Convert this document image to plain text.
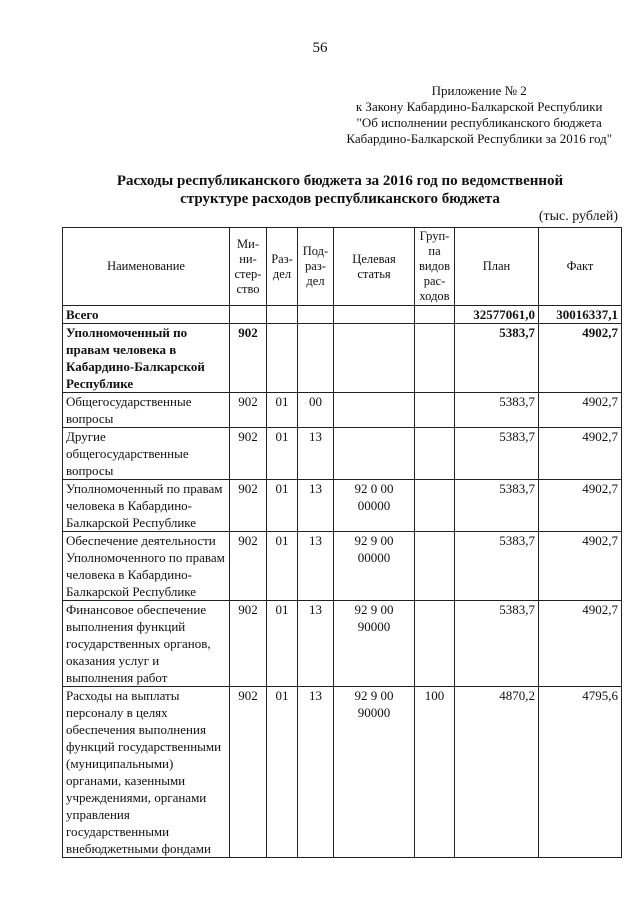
56
Приложение № 2
к Закону Кабардино-Балкарской Республики
"Об исполнении республиканского бюджета
Кабардино-Балкарской Республики за 2016 год"
Расходы республиканского бюджета за 2016 год по ведомственной
структуре расходов республиканского бюджета
(тыс. рублей)
Наименование	Ми-ни-стер-ство	Раз-дел	Под-раз-дел	Целевая статья	Груп-па видов рас-ходов	План	Факт
Всего						32577061,0	30016337,1
Уполномоченный по правам человека в Кабардино-Балкарской Республике	902					5383,7	4902,7
Общегосударственные вопросы	902	01	00			5383,7	4902,7
Другие общегосударственные вопросы	902	01	13			5383,7	4902,7
Уполномоченный по правам человека в Кабардино-Балкарской Республике	902	01	13	92 0 00 00000		5383,7	4902,7
Обеспечение деятельности Уполномоченного по правам человека в Кабардино-Балкарской Республике	902	01	13	92 9 00 00000		5383,7	4902,7
Финансовое обеспечение выполнения функций государственных органов, оказания услуг и выполнения работ	902	01	13	92 9 00 90000		5383,7	4902,7
Расходы на выплаты персоналу в целях обеспечения выполнения функций государственными (муниципальными) органами, казенными учреждениями, органами управления государственными внебюджетными фондами	902	01	13	92 9 00 90000	100	4870,2	4795,6
